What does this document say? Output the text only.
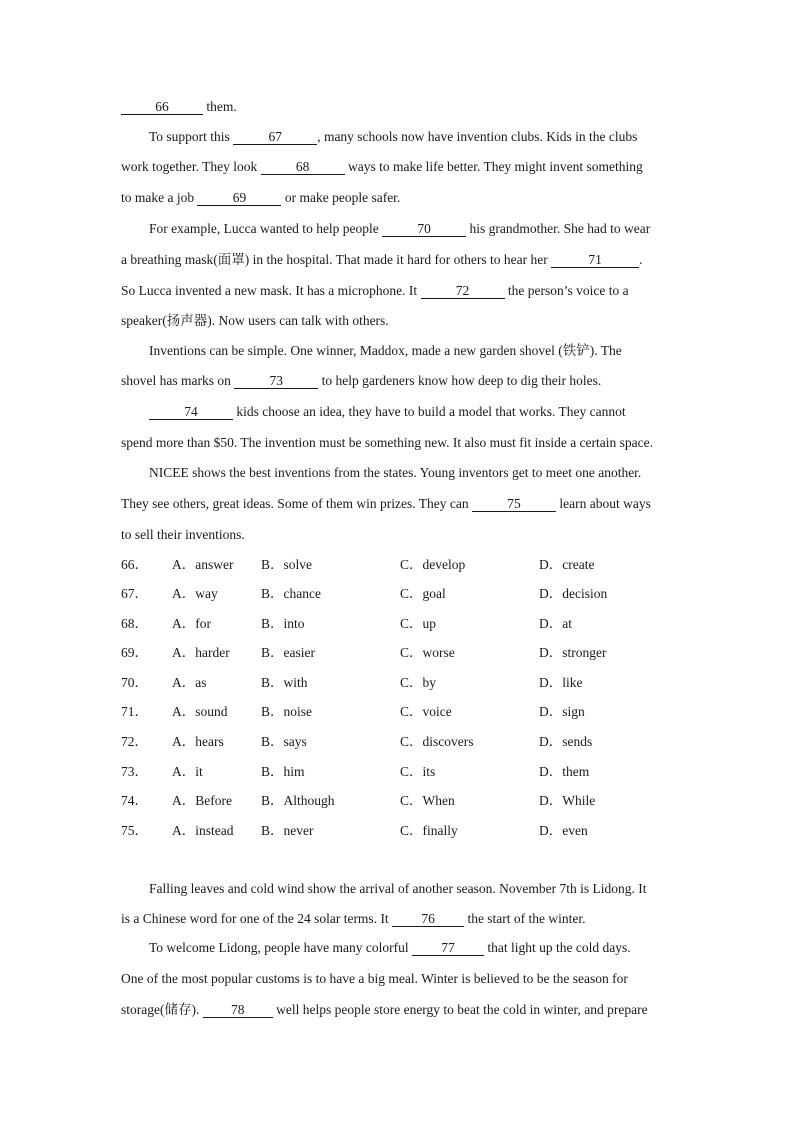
66	them.
To support this	67	, many schools now have invention clubs. Kids in the clubs
work together. They look	68	ways to make life better. They might invent something
to make a job	69	or make people safer.
For example, Lucca wanted to help people	70	his grandmother. She had to wear
a breathing mask(面罩) in the hospital. That made it hard for others to hear her	71	.
So Lucca invented a new mask. It has a microphone. It	72	the person’s voice to a
speaker(扬声器). Now users can talk with others.
Inventions can be simple. One winner, Maddox, made a new garden shovel (铁铲). The
shovel has marks on	73	to help gardeners know how deep to dig their holes.
74	kids choose an idea, they have to build a model that works. They cannot
spend more than $50. The invention must be something new. It also must fit inside a certain space.
NICEE shows the best inventions from the states. Young inventors get to meet one another.
They see others, great ideas. Some of them win prizes. They can	75	learn about ways
to sell their inventions.
66． A．answer B．solve	C．develop	D．create
67． A．way	B．chance	C．goal	D．decision
68． A．for	B．into	C．up	D．at
69． A．harder B．easier	C．worse	D．stronger
70． A．as	B．with	C．by	D．like
71． A．sound B．noise	C．voice	D．sign
72． A．hears	B．says	C．discovers	D．sends
73． A．it	B．him	C．its	D．them
74． A．Before B．Although	C．When	D．While
75． A．instead B．never	C．finally	D．even
Falling leaves and cold wind show the arrival of another season. November 7th is Lidong. It
is a Chinese word for one of the 24 solar terms. It 76 the start of the winter.
To welcome Lidong, people have many colorful 77 that light up the cold days.
One of the most popular customs is to have a big meal. Winter is believed to be the season for
storage(储存). 78 well helps people store energy to beat the cold in winter, and prepare
